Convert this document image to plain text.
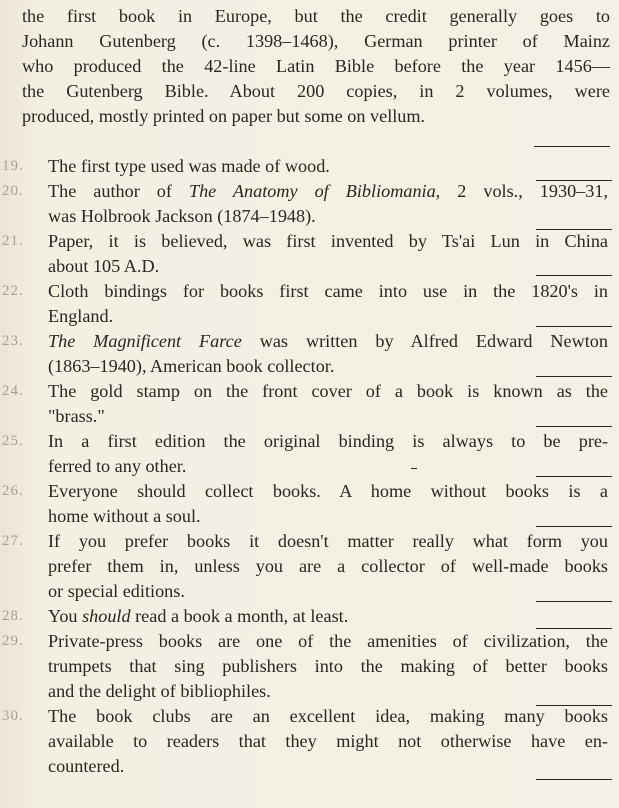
the first book in Europe, but the credit generally goes to
Johann Gutenberg (c. 1398–1468), German printer of Mainz
who produced the 42-line Latin Bible before the year 1456—
the Gutenberg Bible. About 200 copies, in 2 volumes, were
produced, mostly printed on paper but some on vellum.
19.	The first type used was made of wood.
20.	The author of The Anatomy of Bibliomania, 2 vols., 1930–31,
was Holbrook Jackson (1874–1948).
21.	Paper, it is believed, was first invented by Ts'ai Lun in China
about 105 A.D.
22.	Cloth bindings for books first came into use in the 1820's in
England.
23.	The Magnificent Farce was written by Alfred Edward Newton
(1863–1940), American book collector.
24.	The gold stamp on the front cover of a book is known as the
"brass."
25.	In a first edition the original binding is always to be pre-
ferred to any other.
26.	Everyone should collect books. A home without books is a
home without a soul.
27.	If you prefer books it doesn't matter really what form you
prefer them in, unless you are a collector of well-made books
or special editions.
28.	You should read a book a month, at least.
29.	Private-press books are one of the amenities of civilization, the
trumpets that sing publishers into the making of better books
and the delight of bibliophiles.
30.	The book clubs are an excellent idea, making many books
available to readers that they might not otherwise have en-
countered.
